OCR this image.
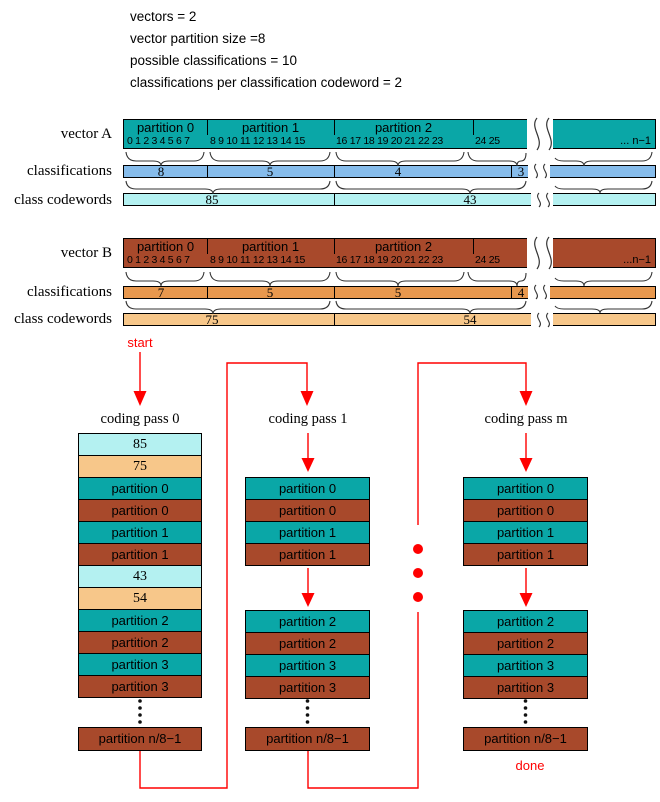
vectors = 2
vector partition size =8
possible classifications = 10
classifications per classification codeword = 2
vector A	partition 0	partition 1	partition 2
0 1 2 3 4 5 6 7 8 9 10 11 12 13 14 15	16 17 18 19 20 21 22 23	24 25	... n−1
classifications	8	5	4	3
class codewords	85	43
vector B	partition 0	partition 1	partition 2
0 1 2 3 4 5 6 7 8 9 10 11 12 13 14 15	16 17 18 19 20 21 22 23	24 25	...n−1
classifications	7	5	5	4
class codewords	75	54
start
done
coding pass 0	coding pass 1	coding pass m
85
75
partition 0
partition 0
partition 1
partition 1
43
54
partition 2
partition 2
partition 3
partition 3
partition n/8−1
partition 0
partition 0
partition 1
partition 1
partition 2
partition 2
partition 3
partition 3
partition n/8−1
partition 0
partition 0
partition 1
partition 1
partition 2
partition 2
partition 3
partition 3
partition n/8−1
